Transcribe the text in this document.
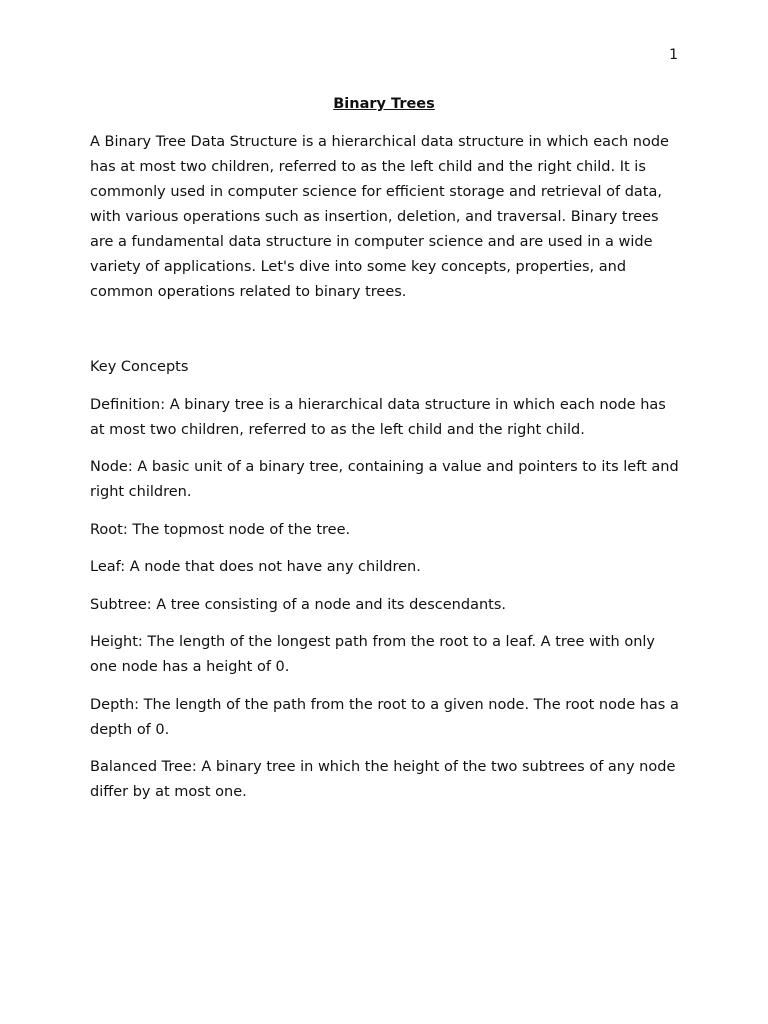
1
Binary Trees

A Binary Tree Data Structure is a hierarchical data structure in which each node has at most two children, referred to as the left child and the right child. It is commonly used in computer science for efficient storage and retrieval of data, with various operations such as insertion, deletion, and traversal. Binary trees are a fundamental data structure in computer science and are used in a wide variety of applications. Let's dive into some key concepts, properties, and common operations related to binary trees.

Key Concepts

Definition: A binary tree is a hierarchical data structure in which each node has at most two children, referred to as the left child and the right child.

Node: A basic unit of a binary tree, containing a value and pointers to its left and right children.

Root: The topmost node of the tree.

Leaf: A node that does not have any children.

Subtree: A tree consisting of a node and its descendants.

Height: The length of the longest path from the root to a leaf. A tree with only one node has a height of 0.

Depth: The length of the path from the root to a given node. The root node has a depth of 0.

Balanced Tree: A binary tree in which the height of the two subtrees of any node differ by at most one.
